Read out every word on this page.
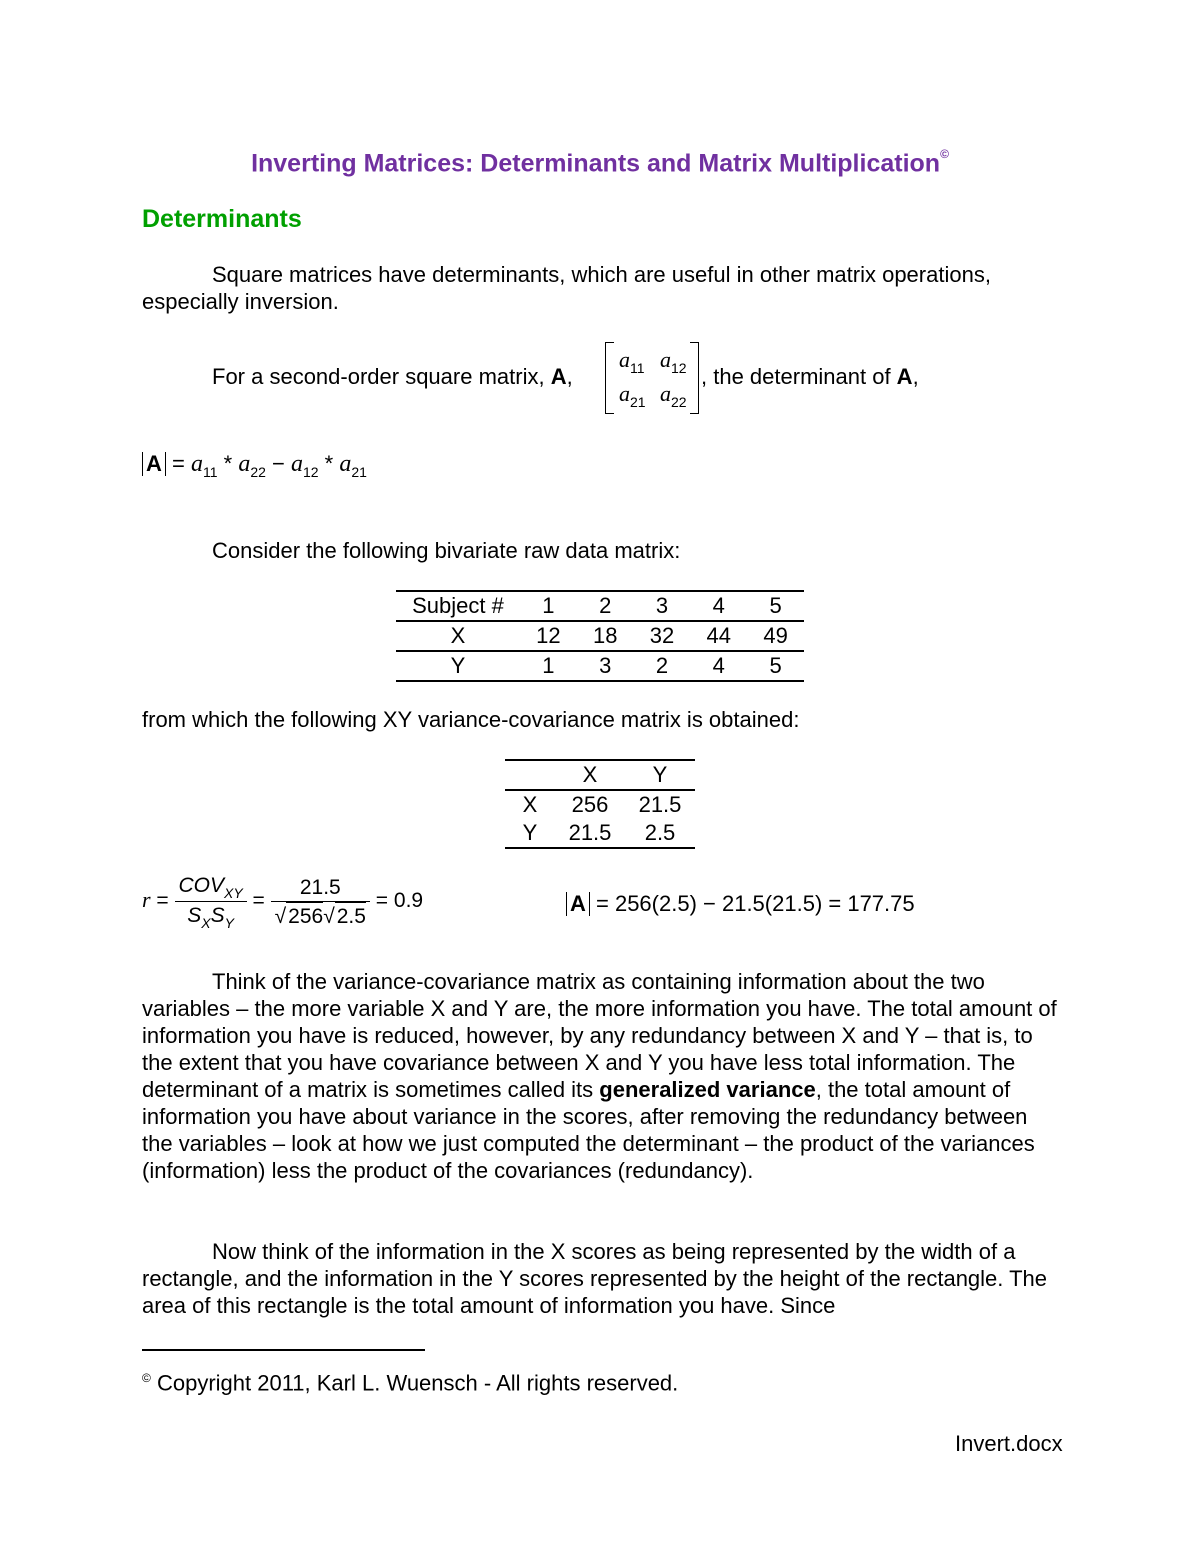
Inverting Matrices: Determinants and Matrix Multiplication©
Determinants
Square matrices have determinants, which are useful in other matrix operations, especially inversion.
For a second-order square matrix, A,
$a_{11}$ $a_{12}$
$a_{21}$ $a_{22}$
, the determinant of A,
$A = a_{11} * a_{22} - a_{12} * a_{21}$
Consider the following bivariate raw data matrix:
Subject #	1	2	3	4	5
X	12	18	32	44	49
Y	1	3	2	4	5
from which the following XY variance-covariance matrix is obtained:
	X	Y
X	256	21.5
Y	21.5	2.5
$r = \frac{COV_{XY}}{S_XS_Y} = \frac{21.5}{√256√2.5} = 0.9$	A = 256(2.5) − 21.5(21.5) = 177.75
Think of the variance-covariance matrix as containing information about the two variables – the more variable X and Y are, the more information you have. The total amount of information you have is reduced, however, by any redundancy between X and Y – that is, to the extent that you have covariance between X and Y you have less total information. The determinant of a matrix is sometimes called its generalized variance, the total amount of information you have about variance in the scores, after removing the redundancy between the variables – look at how we just computed the determinant – the product of the variances (information) less the product of the covariances (redundancy).
Now think of the information in the X scores as being represented by the width of a rectangle, and the information in the Y scores represented by the height of the rectangle. The area of this rectangle is the total amount of information you have. Since
© Copyright 2011, Karl L. Wuensch - All rights reserved.
Invert.docx
